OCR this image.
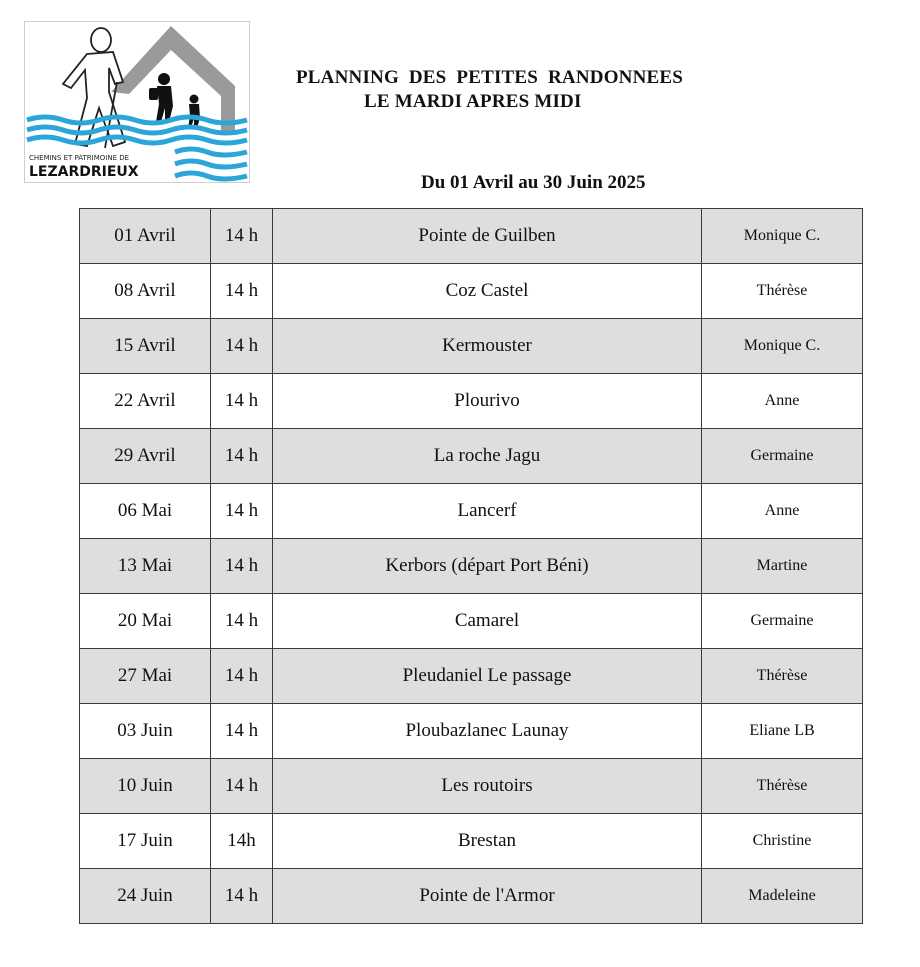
CHEMINS ET PATRIMOINE DE
LEZARDRIEUX
PLANNING DES PETITES RANDONNEES
LE MARDI APRES MIDI
Du 01 Avril au 30 Juin 2025
01 Avril	14 h	Pointe de Guilben	Monique C.
08 Avril	14 h	Coz Castel	Thérèse
15 Avril	14 h	Kermouster	Monique C.
22 Avril	14 h	Plourivo	Anne
29 Avril	14 h	La roche Jagu	Germaine
06 Mai	14 h	Lancerf	Anne
13 Mai	14 h	Kerbors (départ Port Béni)	Martine
20 Mai	14 h	Camarel	Germaine
27 Mai	14 h	Pleudaniel Le passage	Thérèse
03 Juin	14 h	Ploubazlanec Launay	Eliane LB
10 Juin	14 h	Les routoirs	Thérèse
17 Juin	14h	Brestan	Christine
24 Juin	14 h	Pointe de l'Armor	Madeleine
